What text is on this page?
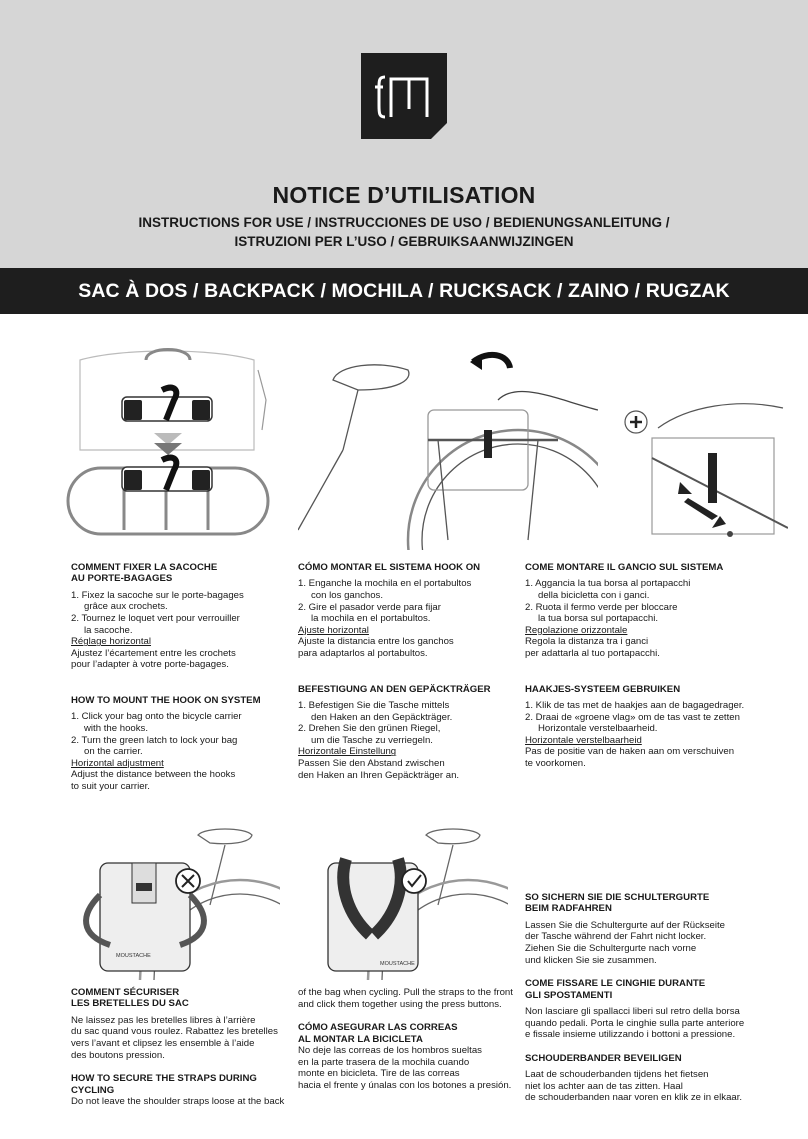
NOTICE D’UTILISATION
INSTRUCTIONS FOR USE / INSTRUCCIONES DE USO / BEDIENUNGSANLEITUNG /
ISTRUZIONI PER L’USO / GEBRUIKSAANWIJZINGEN
SAC À DOS / BACKPACK / MOCHILA / RUCKSACK / ZAINO / RUGZAK

COMMENT FIXER LA SACOCHE

AU PORTE-BAGAGES

1. Fixez la sacoche sur le porte-bagages
grâce aux crochets.
2. Tournez le loquet vert pour verrouiller
la sacoche.

Réglage horizontal

Ajustez l’écartement entre les crochets

pour l’adapter à votre porte-bagages.

HOW TO MOUNT THE HOOK ON SYSTEM

1. Click your bag onto the bicycle carrier
with the hooks.
2. Turn the green latch to lock your bag
on the carrier.

Horizontal adjustment

Adjust the distance between the hooks

to suit your carrier.

CÓMO MONTAR EL SISTEMA HOOK ON

1. Enganche la mochila en el portabultos
con los ganchos.
2. Gire el pasador verde para fijar
la mochila en el portabultos.

Ajuste horizontal

Ajuste la distancia entre los ganchos

para adaptarlos al portabultos.

BEFESTIGUNG AN DEN GEPÄCKTRÄGER

1. Befestigen Sie die Tasche mittels
den Haken an den Gepäckträger.
2. Drehen Sie den grünen Riegel,
um die Tasche zu verriegeln.

Horizontale Einstellung

Passen Sie den Abstand zwischen

den Haken an Ihren Gepäckträger an.

COME MONTARE IL GANCIO SUL SISTEMA

1. Aggancia la tua borsa al portapacchi
della bicicletta con i ganci.
2. Ruota il fermo verde per bloccare
la tua borsa sul portapacchi.

Regolazione orizzontale

Regola la distanza tra i ganci

per adattarla al tuo portapacchi.

HAAKJES-SYSTEEM GEBRUIKEN

1. Klik de tas met de haakjes aan de bagagedrager.
2. Draai de «groene vlag» om de tas vast te zetten
Horizontale verstelbaarheid.

Horizontale verstelbaarheid

Pas de positie van de haken aan om verschuiven

te voorkomen.

MOUSTACHE
MOUSTACHE

COMMENT SÉCURISER

LES BRETELLES DU SAC

Ne laissez pas les bretelles libres à l’arrière

du sac quand vous roulez. Rabattez les bretelles

vers l’avant et clipsez les ensemble à l’aide

des boutons pression.

HOW TO SECURE THE STRAPS DURING CYCLING

Do not leave the shoulder straps loose at the back

of the bag when cycling. Pull the straps to the front

and click them together using the press buttons.

CÓMO ASEGURAR LAS CORREAS

AL MONTAR LA BICICLETA

No deje las correas de los hombros sueltas

en la parte trasera de la mochila cuando

monte en bicicleta. Tire de las correas

hacia el frente y únalas con los botones a presión.

SO SICHERN SIE DIE SCHULTERGURTE

BEIM RADFAHREN

Lassen Sie die Schultergurte auf der Rückseite

der Tasche während der Fahrt nicht locker.

Ziehen Sie die Schultergurte nach vorne

und klicken Sie sie zusammen.

COME FISSARE LE CINGHIE DURANTE

GLI SPOSTAMENTI

Non lasciare gli spallacci liberi sul retro della borsa

quando pedali. Porta le cinghie sulla parte anteriore

e fissale insieme utilizzando i bottoni a pressione.

SCHOUDERBANDER BEVEILIGEN

Laat de schouderbanden tijdens het fietsen

niet los achter aan de tas zitten. Haal

de schouderbanden naar voren en klik ze in elkaar.
